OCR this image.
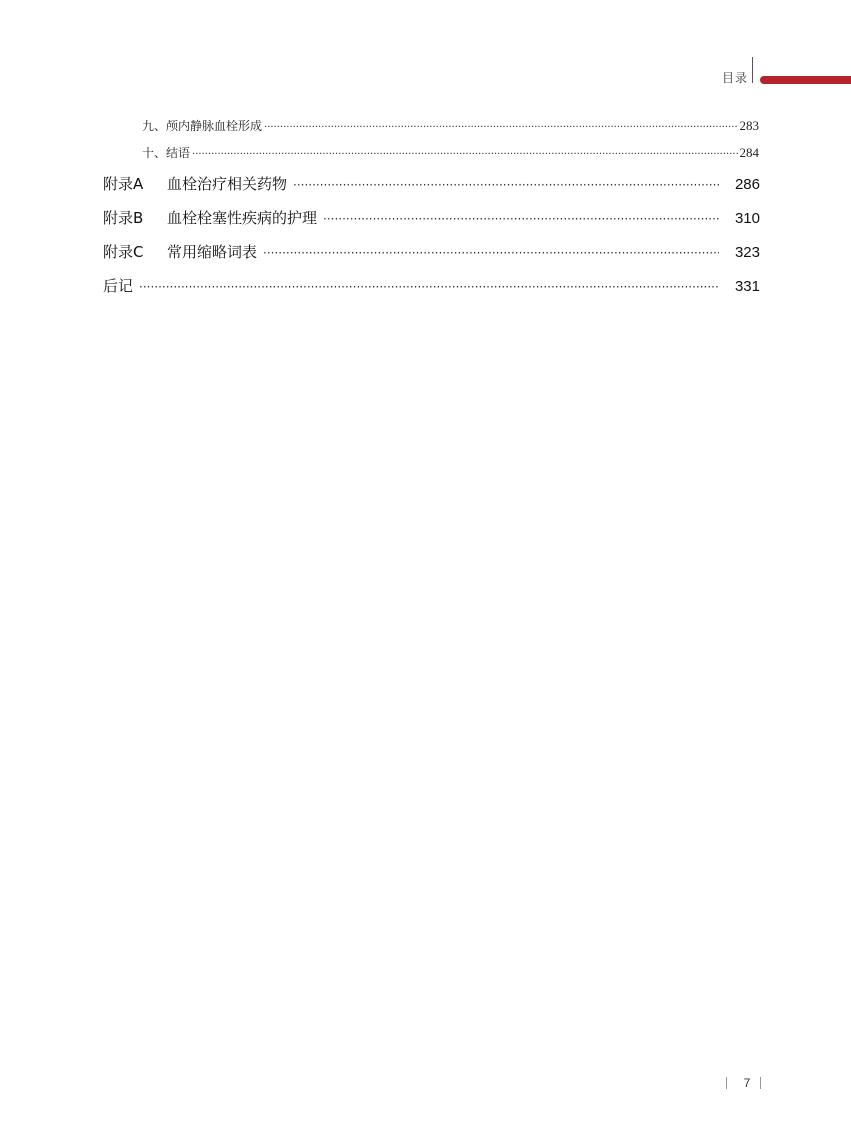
目录
九、颅内静脉血栓形成 ·····	283
十、结语 ·····	284
附录A	血栓治疗相关药物 ·····	286
附录B	血栓栓塞性疾病的护理 ·····	310
附录C	常用缩略词表 ·····	323
后记 ·····	331
7
